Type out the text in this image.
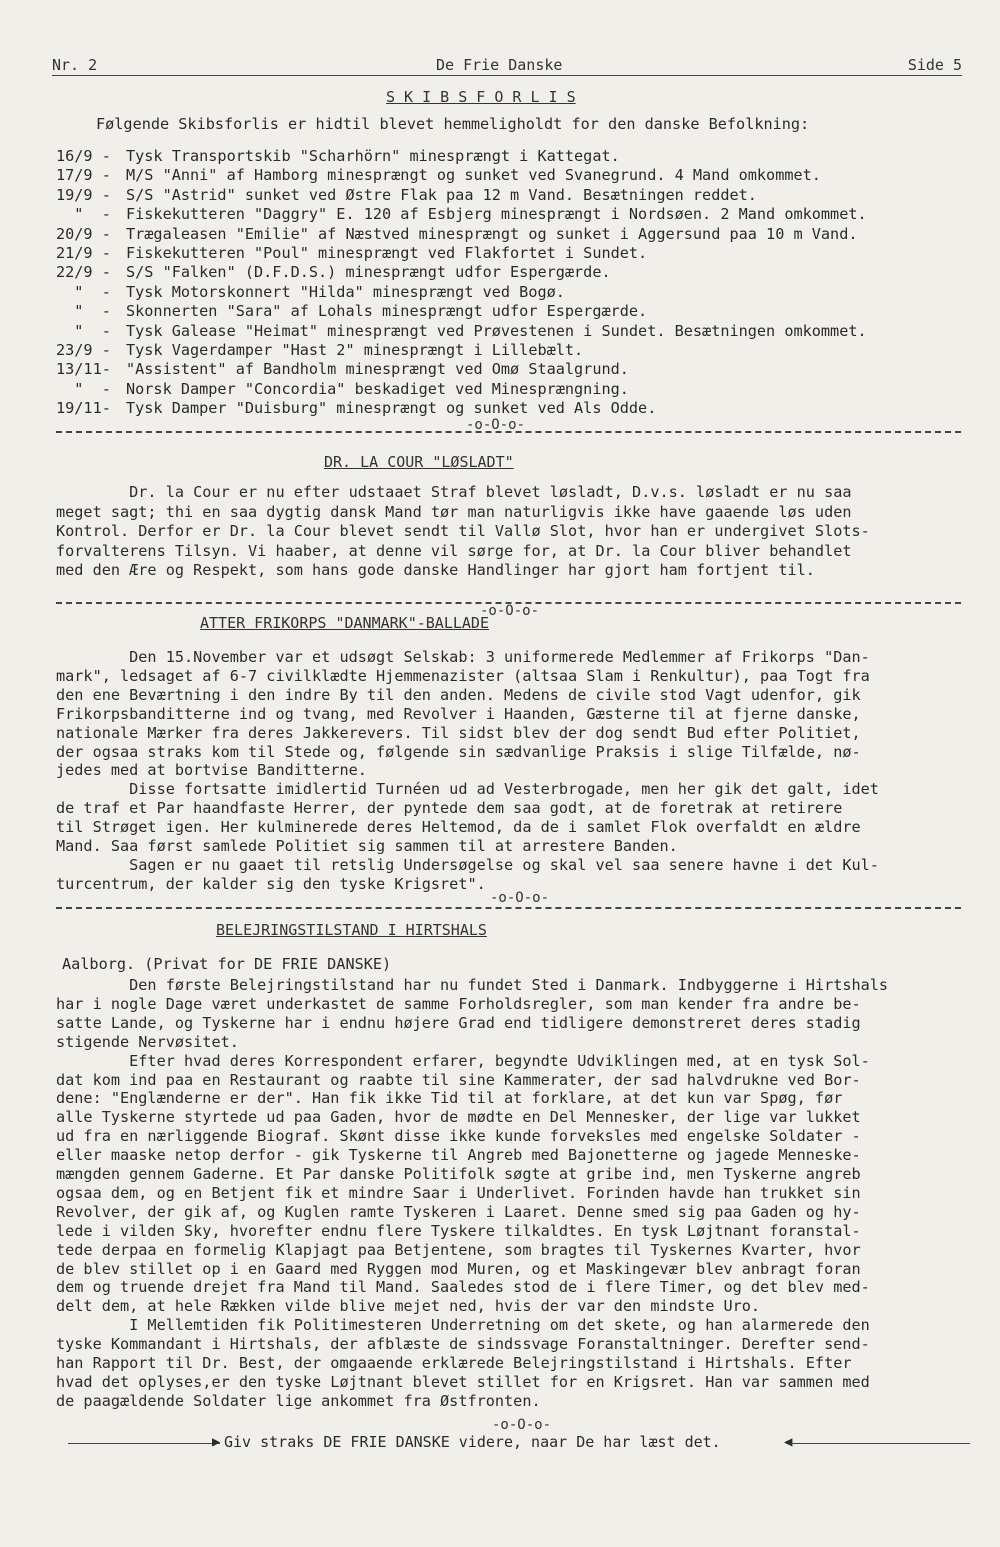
Nr. 2	De Frie Danske	Side 5
S K I B S F O R L I S
Følgende Skibsforlis er hidtil blevet hemmeligholdt for den danske Befolkning:
16/9 - Tysk Transportskib "Scharhörn" minesprængt i Kattegat.
17/9 - M/S "Anni" af Hamborg minesprængt og sunket ved Svanegrund. 4 Mand omkommet.
19/9 - S/S "Astrid" sunket ved Østre Flak paa 12 m Vand. Besætningen reddet.
"  - Fiskekutteren "Daggry" E. 120 af Esbjerg minesprængt i Nordsøen. 2 Mand omkommet.
20/9 - Trægaleasen "Emilie" af Næstved minesprængt og sunket i Aggersund paa 10 m Vand.
21/9 - Fiskekutteren "Poul" minesprængt ved Flakfortet i Sundet.
22/9 - S/S "Falken" (D.F.D.S.) minesprængt udfor Espergærde.
"  - Tysk Motorskonnert "Hilda" minesprængt ved Bogø.
"  - Skonnerten "Sara" af Lohals minesprængt udfor Espergærde.
"  - Tysk Galease "Heimat" minesprængt ved Prøvestenen i Sundet. Besætningen omkommet.
23/9 - Tysk Vagerdamper "Hast 2" minesprængt i Lillebælt.
13/11- "Assistent" af Bandholm minesprængt ved Omø Staalgrund.
"  - Norsk Damper "Concordia" beskadiget ved Minesprængning.
19/11- Tysk Damper "Duisburg" minesprængt og sunket ved Als Odde.
-o-O-o-
DR. LA COUR "LØSLADT"
Dr. la Cour er nu efter udstaaet Straf blevet løsladt, D.v.s. løsladt er nu saa
meget sagt; thi en saa dygtig dansk Mand tør man naturligvis ikke have gaaende løs uden
Kontrol. Derfor er Dr. la Cour blevet sendt til Vallø Slot, hvor han er undergivet Slots-
forvalterens Tilsyn. Vi haaber, at denne vil sørge for, at Dr. la Cour bliver behandlet
med den Ære og Respekt, som hans gode danske Handlinger har gjort ham fortjent til.
-o-O-o-
ATTER FRIKORPS "DANMARK"-BALLADE
Den 15.November var et udsøgt Selskab: 3 uniformerede Medlemmer af Frikorps "Dan-
mark", ledsaget af 6-7 civilklædte Hjemmenazister (altsaa Slam i Renkultur), paa Togt fra
den ene Beværtning i den indre By til den anden. Medens de civile stod Vagt udenfor, gik
Frikorpsbanditterne ind og tvang, med Revolver i Haanden, Gæsterne til at fjerne danske,
nationale Mærker fra deres Jakkerevers. Til sidst blev der dog sendt Bud efter Politiet,
der ogsaa straks kom til Stede og, følgende sin sædvanlige Praksis i slige Tilfælde, nø-
jedes med at bortvise Banditterne.
Disse fortsatte imidlertid Turnéen ud ad Vesterbrogade, men her gik det galt, idet
de traf et Par haandfaste Herrer, der pyntede dem saa godt, at de foretrak at retirere
til Strøget igen. Her kulminerede deres Heltemod, da de i samlet Flok overfaldt en ældre
Mand. Saa først samlede Politiet sig sammen til at arrestere Banden.
Sagen er nu gaaet til retslig Undersøgelse og skal vel saa senere havne i det Kul-
turcentrum, der kalder sig den tyske Krigsret".
-o-O-o-
BELEJRINGSTILSTAND I HIRTSHALS
Aalborg. (Privat for DE FRIE DANSKE)
Den første Belejringstilstand har nu fundet Sted i Danmark. Indbyggerne i Hirtshals
har i nogle Dage været underkastet de samme Forholdsregler, som man kender fra andre be-
satte Lande, og Tyskerne har i endnu højere Grad end tidligere demonstreret deres stadig
stigende Nervøsitet.
Efter hvad deres Korrespondent erfarer, begyndte Udviklingen med, at en tysk Sol-
dat kom ind paa en Restaurant og raabte til sine Kammerater, der sad halvdrukne ved Bor-
dene: "Englænderne er der". Han fik ikke Tid til at forklare, at det kun var Spøg, før
alle Tyskerne styrtede ud paa Gaden, hvor de mødte en Del Mennesker, der lige var lukket
ud fra en nærliggende Biograf. Skønt disse ikke kunde forveksles med engelske Soldater -
eller maaske netop derfor - gik Tyskerne til Angreb med Bajonetterne og jagede Menneske-
mængden gennem Gaderne. Et Par danske Politifolk søgte at gribe ind, men Tyskerne angreb
ogsaa dem, og en Betjent fik et mindre Saar i Underlivet. Forinden havde han trukket sin
Revolver, der gik af, og Kuglen ramte Tyskeren i Laaret. Denne smed sig paa Gaden og hy-
lede i vilden Sky, hvorefter endnu flere Tyskere tilkaldtes. En tysk Løjtnant foranstal-
tede derpaa en formelig Klapjagt paa Betjentene, som bragtes til Tyskernes Kvarter, hvor
de blev stillet op i en Gaard med Ryggen mod Muren, og et Maskingevær blev anbragt foran
dem og truende drejet fra Mand til Mand. Saaledes stod de i flere Timer, og det blev med-
delt dem, at hele Rækken vilde blive mejet ned, hvis der var den mindste Uro.
I Mellemtiden fik Politimesteren Underretning om det skete, og han alarmerede den
tyske Kommandant i Hirtshals, der afblæste de sindssvage Foranstaltninger. Derefter send-
han Rapport til Dr. Best, der omgaaende erklærede Belejringstilstand i Hirtshals. Efter
hvad det oplyses,er den tyske Løjtnant blevet stillet for en Krigsret. Han var sammen med
de paagældende Soldater lige ankommet fra Østfronten.
-o-O-o-
▶ Giv straks DE FRIE DANSKE videre, naar De har læst det.	◀
